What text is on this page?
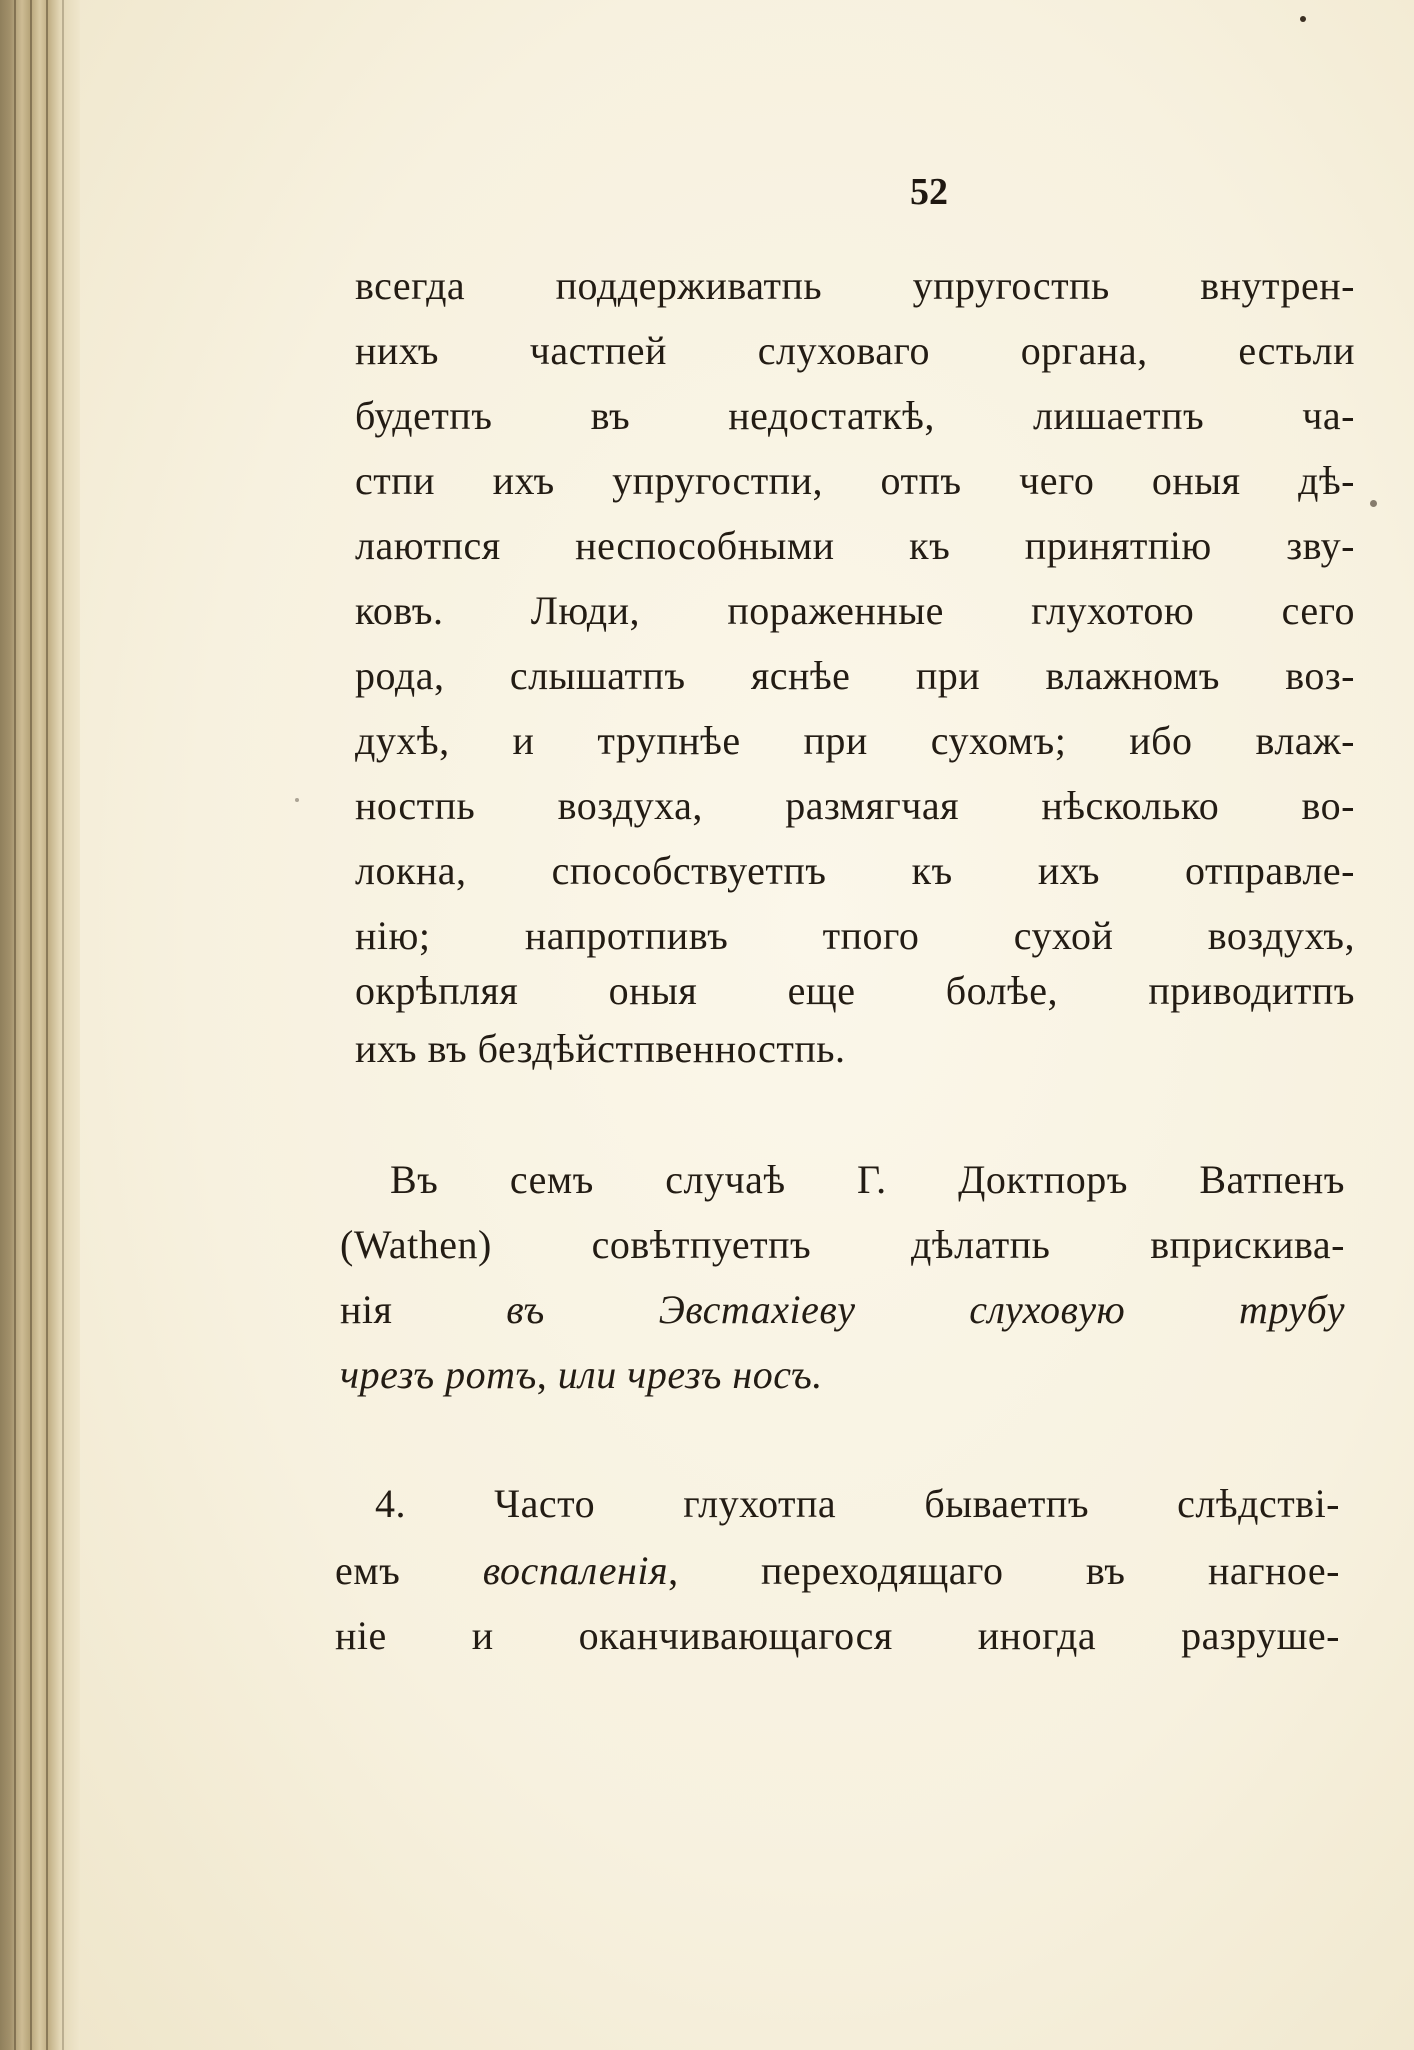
52
всегда поддерживатпь упругостпь внутрен-
нихъ частпей слуховаго органа, естьли
будетпъ въ недостаткѣ, лишаетпъ ча-
стпи ихъ упругостпи, отпъ чего оныя дѣ-
лаютпся неспособными къ принятпію зву-
ковъ. Люди, пораженные глухотою сего
рода, слышатпъ яснѣе при влажномъ воз-
духѣ, и трупнѣе при сухомъ; ибо влаж-
ностпь воздуха, размягчая нѣсколько во-
локна, способствуетпъ къ ихъ отправле-
нію; напротпивъ тпого сухой воздухъ,
окрѣпляя оныя еще болѣе, приводитпъ
ихъ въ бездѣйстпвенностпь.
Въ семъ случаѣ Г. Доктпоръ Ватпенъ
(Wathen) совѣтпуетпъ дѣлатпь вприскива-
нія въ Эвстахіеву слуховую трубу
чрезъ ротъ, или чрезъ носъ.
4. Часто глухотпа бываетпъ слѣдствi-
емъ воспаленія, переходящаго въ нагное-
ніе и оканчивающагося иногда разруше-
